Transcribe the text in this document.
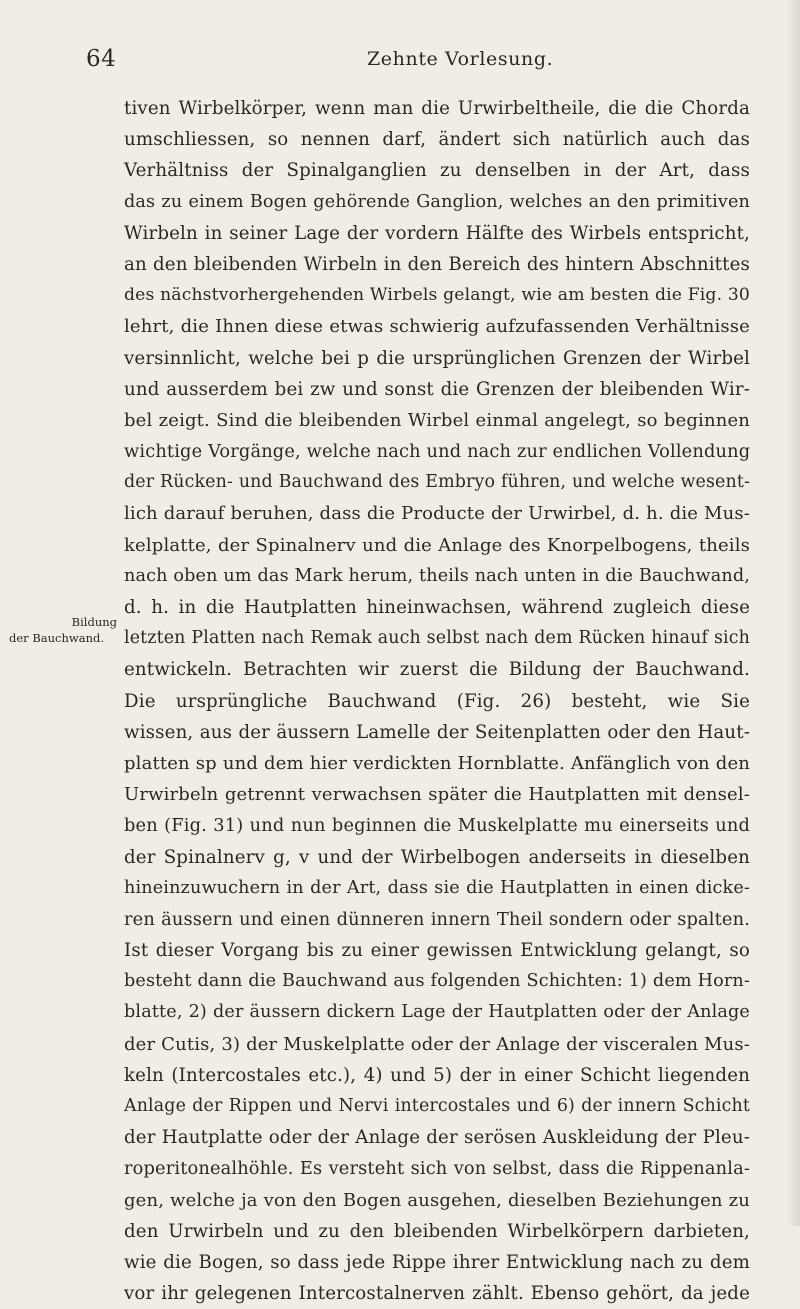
64	Zehnte Vorlesung.
Bildung
der Bauchwand.
tiven Wirbelkörper, wenn man die Urwirbeltheile, die die Chorda
umschliessen, so nennen darf, ändert sich natürlich auch das
Verhältniss der Spinalganglien zu denselben in der Art, dass
das zu einem Bogen gehörende Ganglion, welches an den primitiven
Wirbeln in seiner Lage der vordern Hälfte des Wirbels entspricht,
an den bleibenden Wirbeln in den Bereich des hintern Abschnittes
des nächstvorhergehenden Wirbels gelangt, wie am besten die Fig. 30
lehrt, die Ihnen diese etwas schwierig aufzufassenden Verhältnisse
versinnlicht, welche bei p die ursprünglichen Grenzen der Wirbel
und ausserdem bei zw und sonst die Grenzen der bleibenden Wir-
bel zeigt. Sind die bleibenden Wirbel einmal angelegt, so beginnen
wichtige Vorgänge, welche nach und nach zur endlichen Vollendung
der Rücken- und Bauchwand des Embryo führen, und welche wesent-
lich darauf beruhen, dass die Producte der Urwirbel, d. h. die Mus-
kelplatte, der Spinalnerv und die Anlage des Knorpelbogens, theils
nach oben um das Mark herum, theils nach unten in die Bauchwand,
d. h. in die Hautplatten hineinwachsen, während zugleich diese
letzten Platten nach Remak auch selbst nach dem Rücken hinauf sich
entwickeln. Betrachten wir zuerst die Bildung der Bauchwand.
Die ursprüngliche Bauchwand (Fig. 26) besteht, wie Sie
wissen, aus der äussern Lamelle der Seitenplatten oder den Haut-
platten sp und dem hier verdickten Hornblatte. Anfänglich von den
Urwirbeln getrennt verwachsen später die Hautplatten mit densel-
ben (Fig. 31) und nun beginnen die Muskelplatte mu einerseits und
der Spinalnerv g, v und der Wirbelbogen anderseits in dieselben
hineinzuwuchern in der Art, dass sie die Hautplatten in einen dicke-
ren äussern und einen dünneren innern Theil sondern oder spalten.
Ist dieser Vorgang bis zu einer gewissen Entwicklung gelangt, so
besteht dann die Bauchwand aus folgenden Schichten: 1) dem Horn-
blatte, 2) der äussern dickern Lage der Hautplatten oder der Anlage
der Cutis, 3) der Muskelplatte oder der Anlage der visceralen Mus-
keln (Intercostales etc.), 4) und 5) der in einer Schicht liegenden
Anlage der Rippen und Nervi intercostales und 6) der innern Schicht
der Hautplatte oder der Anlage der serösen Auskleidung der Pleu-
roperitonealhöhle. Es versteht sich von selbst, dass die Rippenanla-
gen, welche ja von den Bogen ausgehen, dieselben Beziehungen zu
den Urwirbeln und zu den bleibenden Wirbelkörpern darbieten,
wie die Bogen, so dass jede Rippe ihrer Entwicklung nach zu dem
vor ihr gelegenen Intercostalnerven zählt. Ebenso gehört, da jede
